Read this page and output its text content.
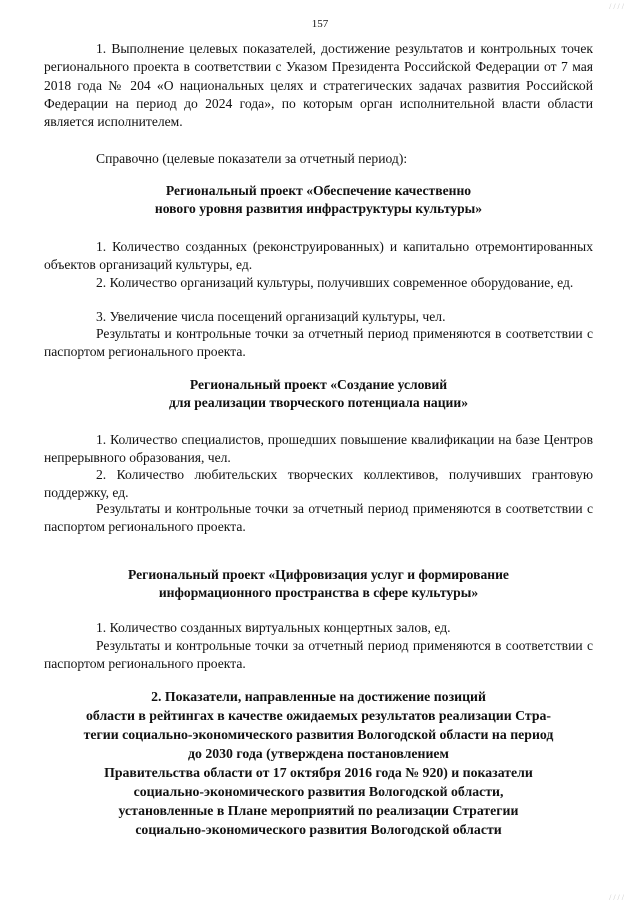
/ / / /
157

1. Выполнение целевых показателей, достижение результатов и контрольных точек регионального проекта в соответствии с Указом Президента Российской Федерации от 7 мая 2018 года № 204 «О национальных целях и стратегических задачах развития Российской Федерации на период до 2024 года», по которым орган исполнительной власти области является исполнителем.

Справочно (целевые показатели за отчетный период):

Региональный проект «Обеспечение качественно
нового уровня развития инфраструктуры культуры»

1. Количество созданных (реконструированных) и капитально отремонтированных объектов организаций культуры, ед.

2. Количество организаций культуры, получивших современное оборудование, ед.

3. Увеличение числа посещений организаций культуры, чел.

Результаты и контрольные точки за отчетный период применяются в соответствии с паспортом регионального проекта.

Региональный проект «Создание условий
для реализации творческого потенциала нации»

1. Количество специалистов, прошедших повышение квалификации на базе Центров непрерывного образования, чел.

2. Количество любительских творческих коллективов, получивших грантовую поддержку, ед.

Результаты и контрольные точки за отчетный период применяются в соответствии с паспортом регионального проекта.

Региональный проект «Цифровизация услуг и формирование
информационного пространства в сфере культуры»

1. Количество созданных виртуальных концертных залов, ед.

Результаты и контрольные точки за отчетный период применяются в соответствии с паспортом регионального проекта.

2. Показатели, направленные на достижение позиций
области в рейтингах в качестве ожидаемых результатов реализации Стра-
тегии социально-экономического развития Вологодской области на период
до 2030 года (утверждена постановлением
Правительства области от 17 октября 2016 года № 920) и показатели
социально-экономического развития Вологодской области,
установленные в Плане мероприятий по реализации Стратегии
социально-экономического развития Вологодской области
/ / / /
